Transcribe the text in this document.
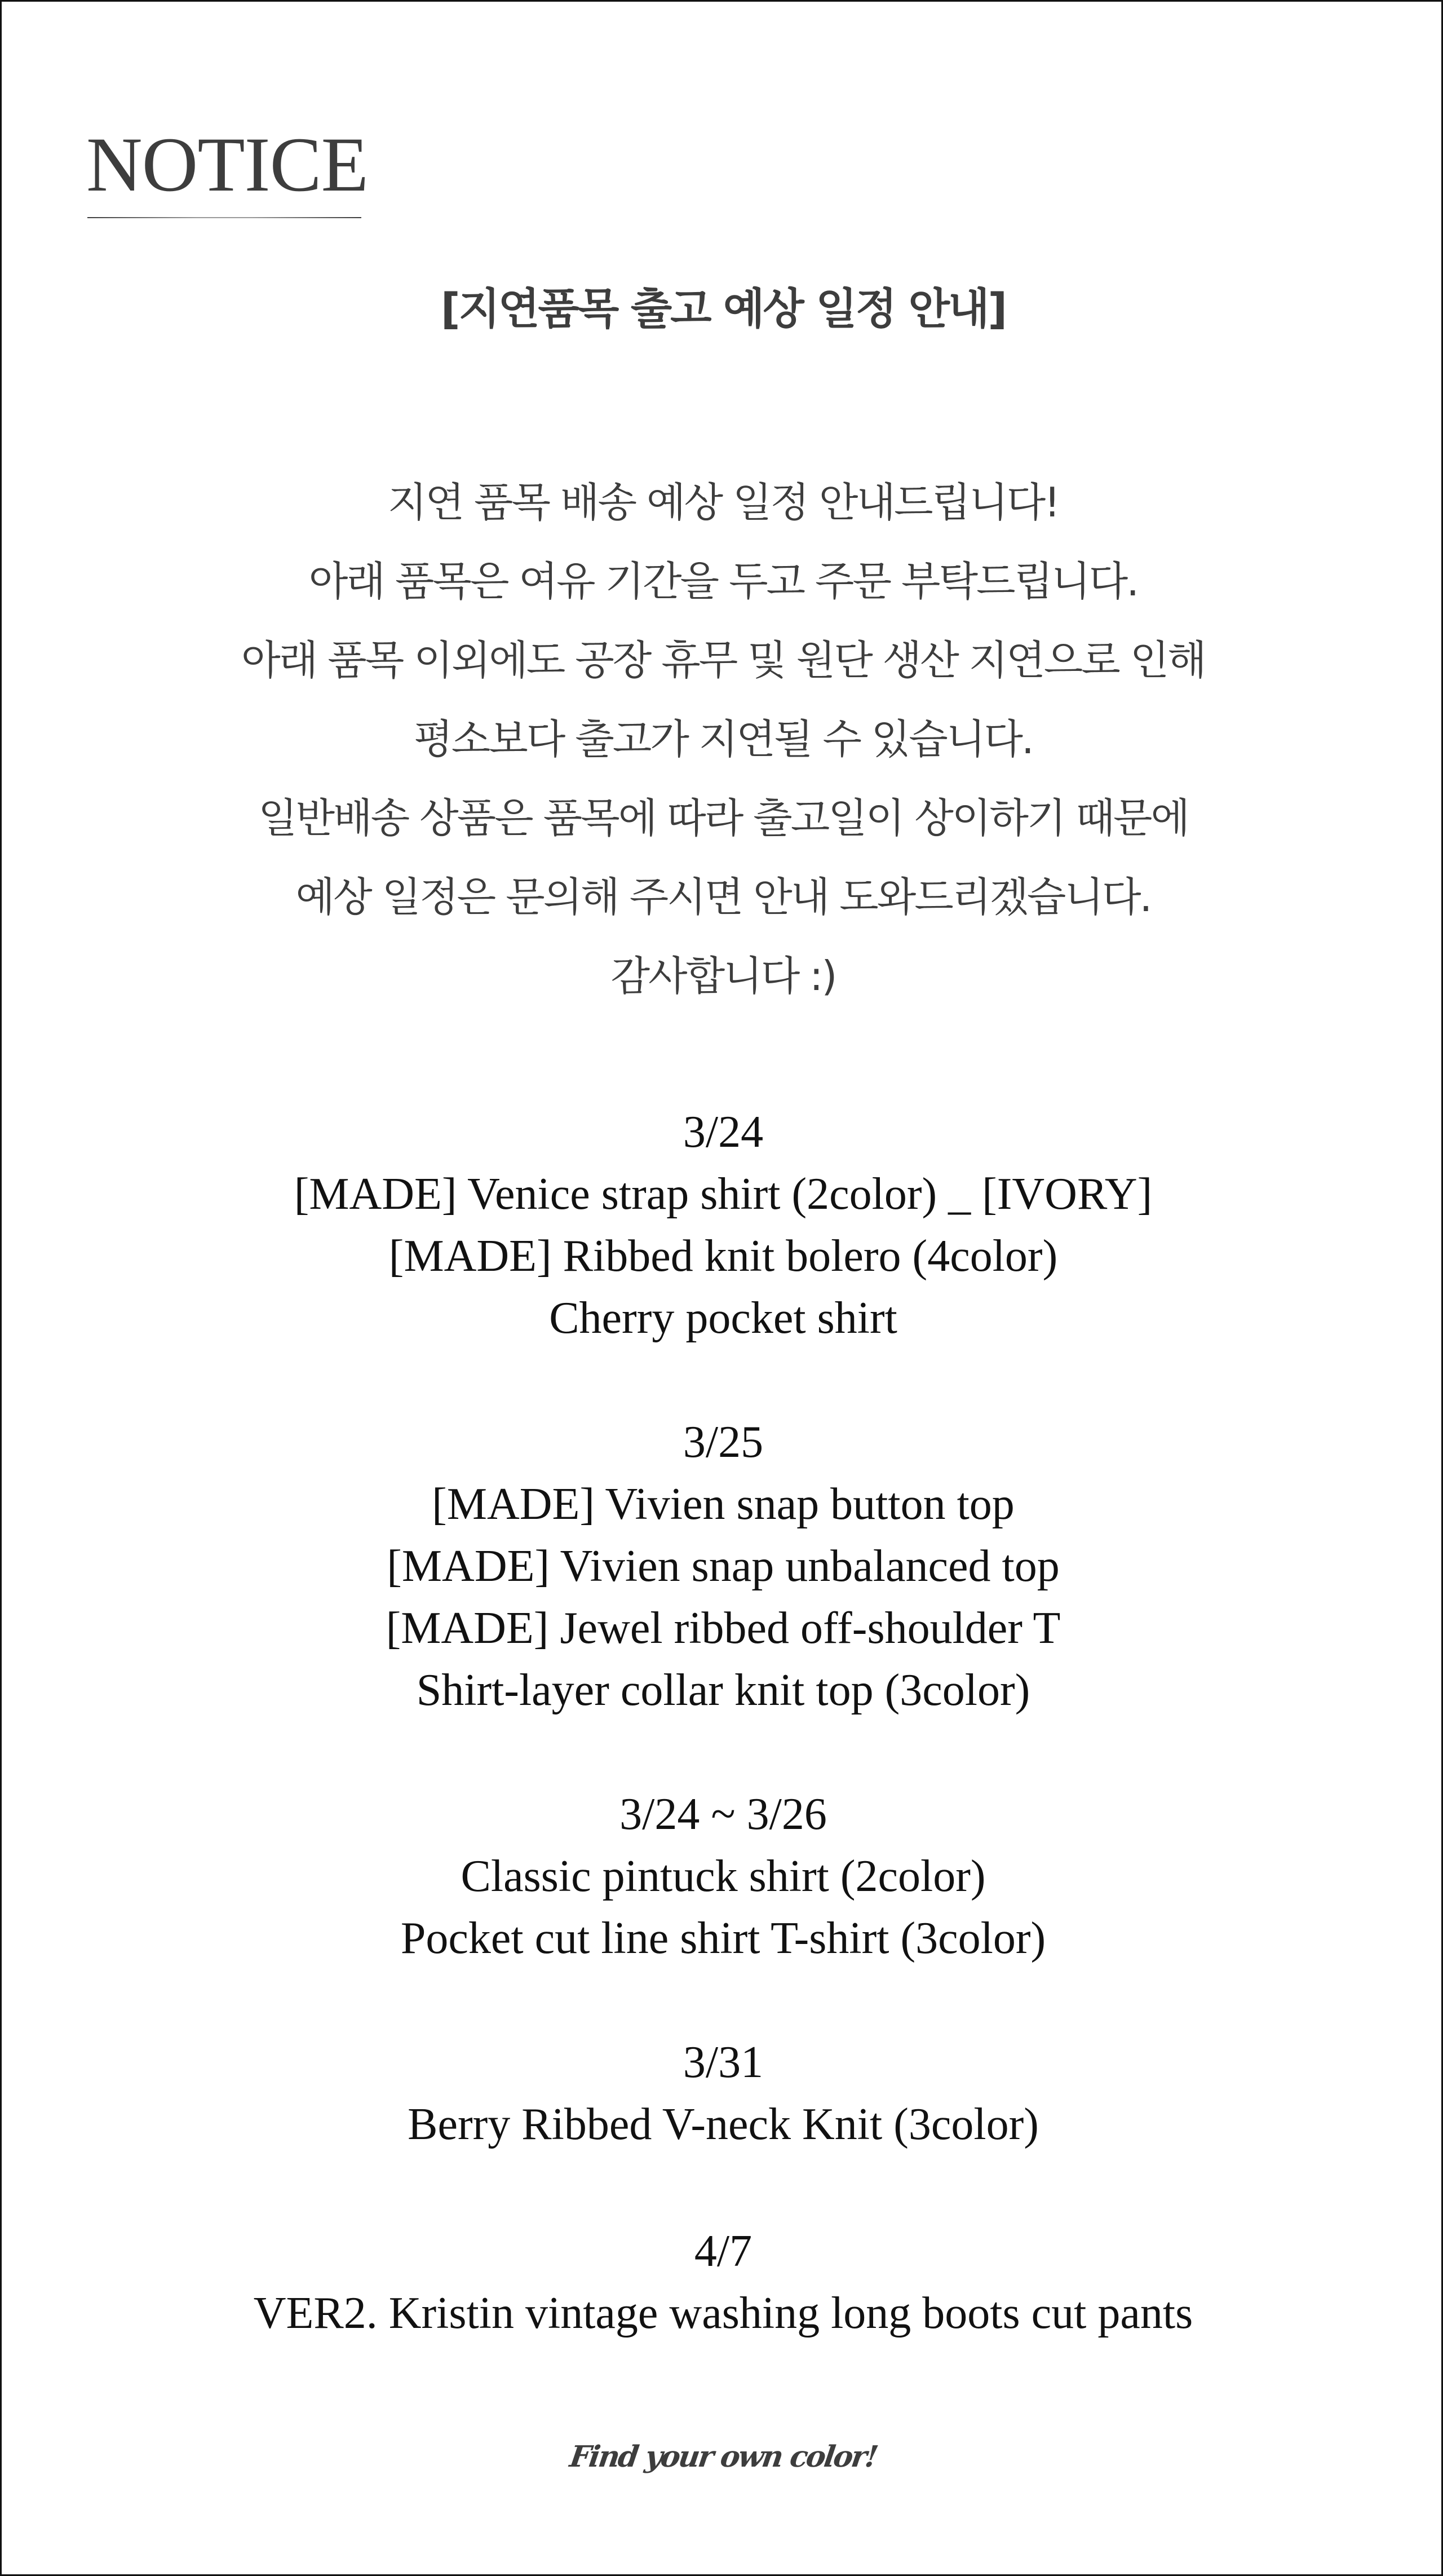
NOTICE
[지연품목 출고 예상 일정 안내]
지연 품목 배송 예상 일정 안내드립니다!
아래 품목은 여유 기간을 두고 주문 부탁드립니다.
아래 품목 이외에도 공장 휴무 및 원단 생산 지연으로 인해
평소보다 출고가 지연될 수 있습니다.
일반배송 상품은 품목에 따라 출고일이 상이하기 때문에
예상 일정은 문의해 주시면 안내 도와드리겠습니다.
감사합니다 :)
3/24
[MADE] Venice strap shirt (2color) _ [IVORY]
[MADE] Ribbed knit bolero (4color)
Cherry pocket shirt
3/25
[MADE] Vivien snap button top
[MADE] Vivien snap unbalanced top
[MADE] Jewel ribbed off-shoulder T
Shirt-layer collar knit top (3color)
3/24 ~ 3/26
Classic pintuck shirt (2color)
Pocket cut line shirt T-shirt (3color)
3/31
Berry Ribbed V-neck Knit (3color)
4/7
VER2. Kristin vintage washing long boots cut pants
Find your own color!
